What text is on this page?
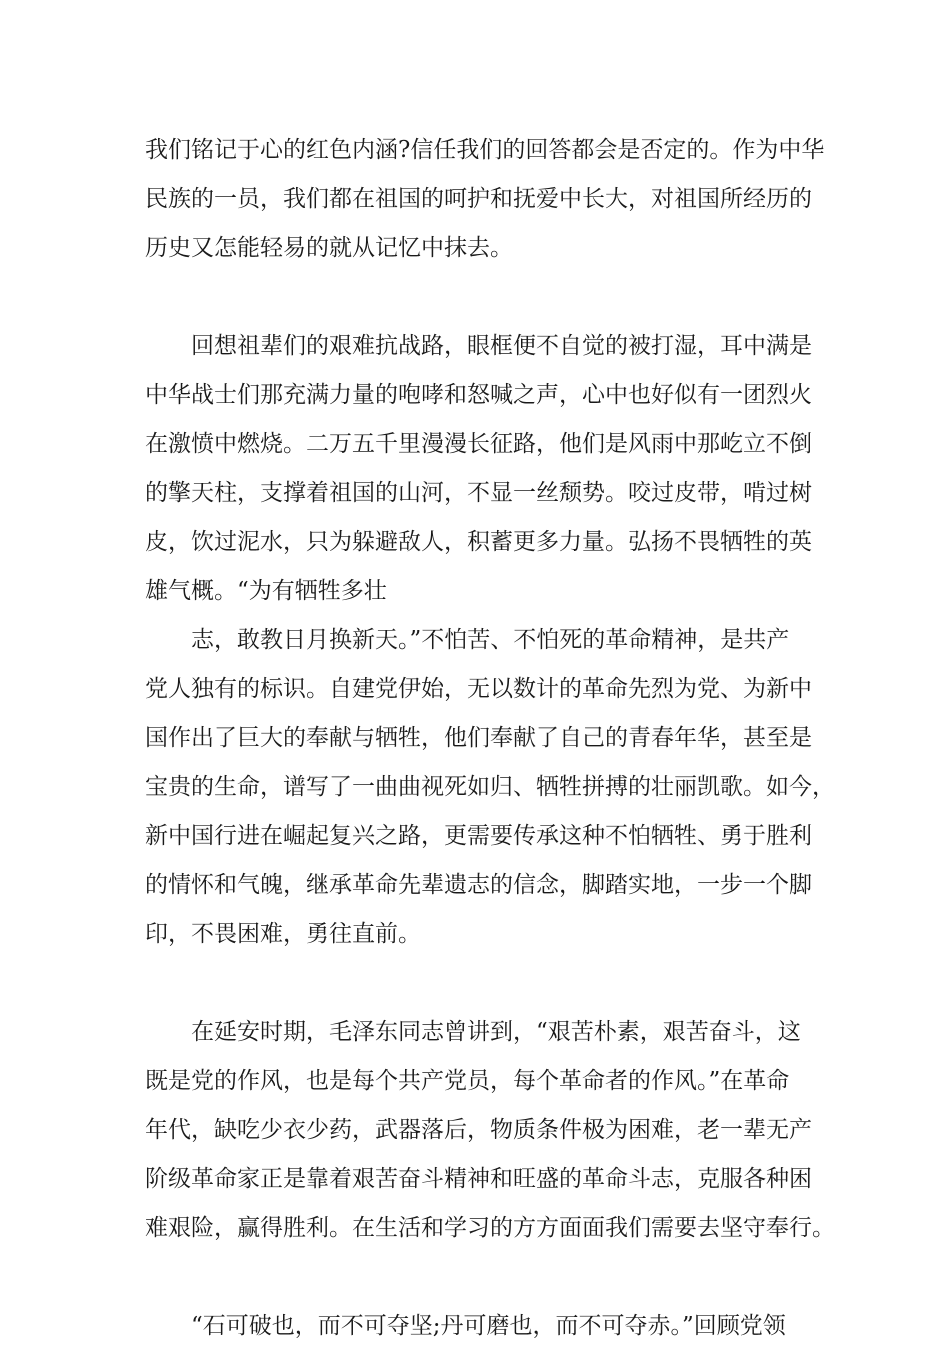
我们铭记于心的红色内涵?信任我们的回答都会是否定的。作为中华
民族的一员，我们都在祖国的呵护和抚爱中长大，对祖国所经历的
历史又怎能轻易的就从记忆中抹去。
　　回想祖辈们的艰难抗战路，眼框便不自觉的被打湿，耳中满是
中华战士们那充满力量的咆哮和怒喊之声，心中也好似有一团烈火
在激愤中燃烧。二万五千里漫漫长征路，他们是风雨中那屹立不倒
的擎天柱，支撑着祖国的山河，不显一丝颓势。咬过皮带，啃过树
皮，饮过泥水，只为躲避敌人，积蓄更多力量。弘扬不畏牺牲的英
雄气概。“为有牺牲多壮
　　志，敢教日月换新天。”不怕苦、不怕死的革命精神，是共产
党人独有的标识。自建党伊始，无以数计的革命先烈为党、为新中
国作出了巨大的奉献与牺牲，他们奉献了自己的青春年华，甚至是
宝贵的生命，谱写了一曲曲视死如归、牺牲拼搏的壮丽凯歌。如今，
新中国行进在崛起复兴之路，更需要传承这种不怕牺牲、勇于胜利
的情怀和气魄，继承革命先辈遗志的信念，脚踏实地，一步一个脚
印，不畏困难，勇往直前。
　　在延安时期，毛泽东同志曾讲到，“艰苦朴素，艰苦奋斗，这
既是党的作风，也是每个共产党员，每个革命者的作风。”在革命
年代，缺吃少衣少药，武器落后，物质条件极为困难，老一辈无产
阶级革命家正是靠着艰苦奋斗精神和旺盛的革命斗志，克服各种困
难艰险，赢得胜利。在生活和学习的方方面面我们需要去坚守奉行。
　　“石可破也，而不可夺坚;丹可磨也，而不可夺赤。”回顾党领
